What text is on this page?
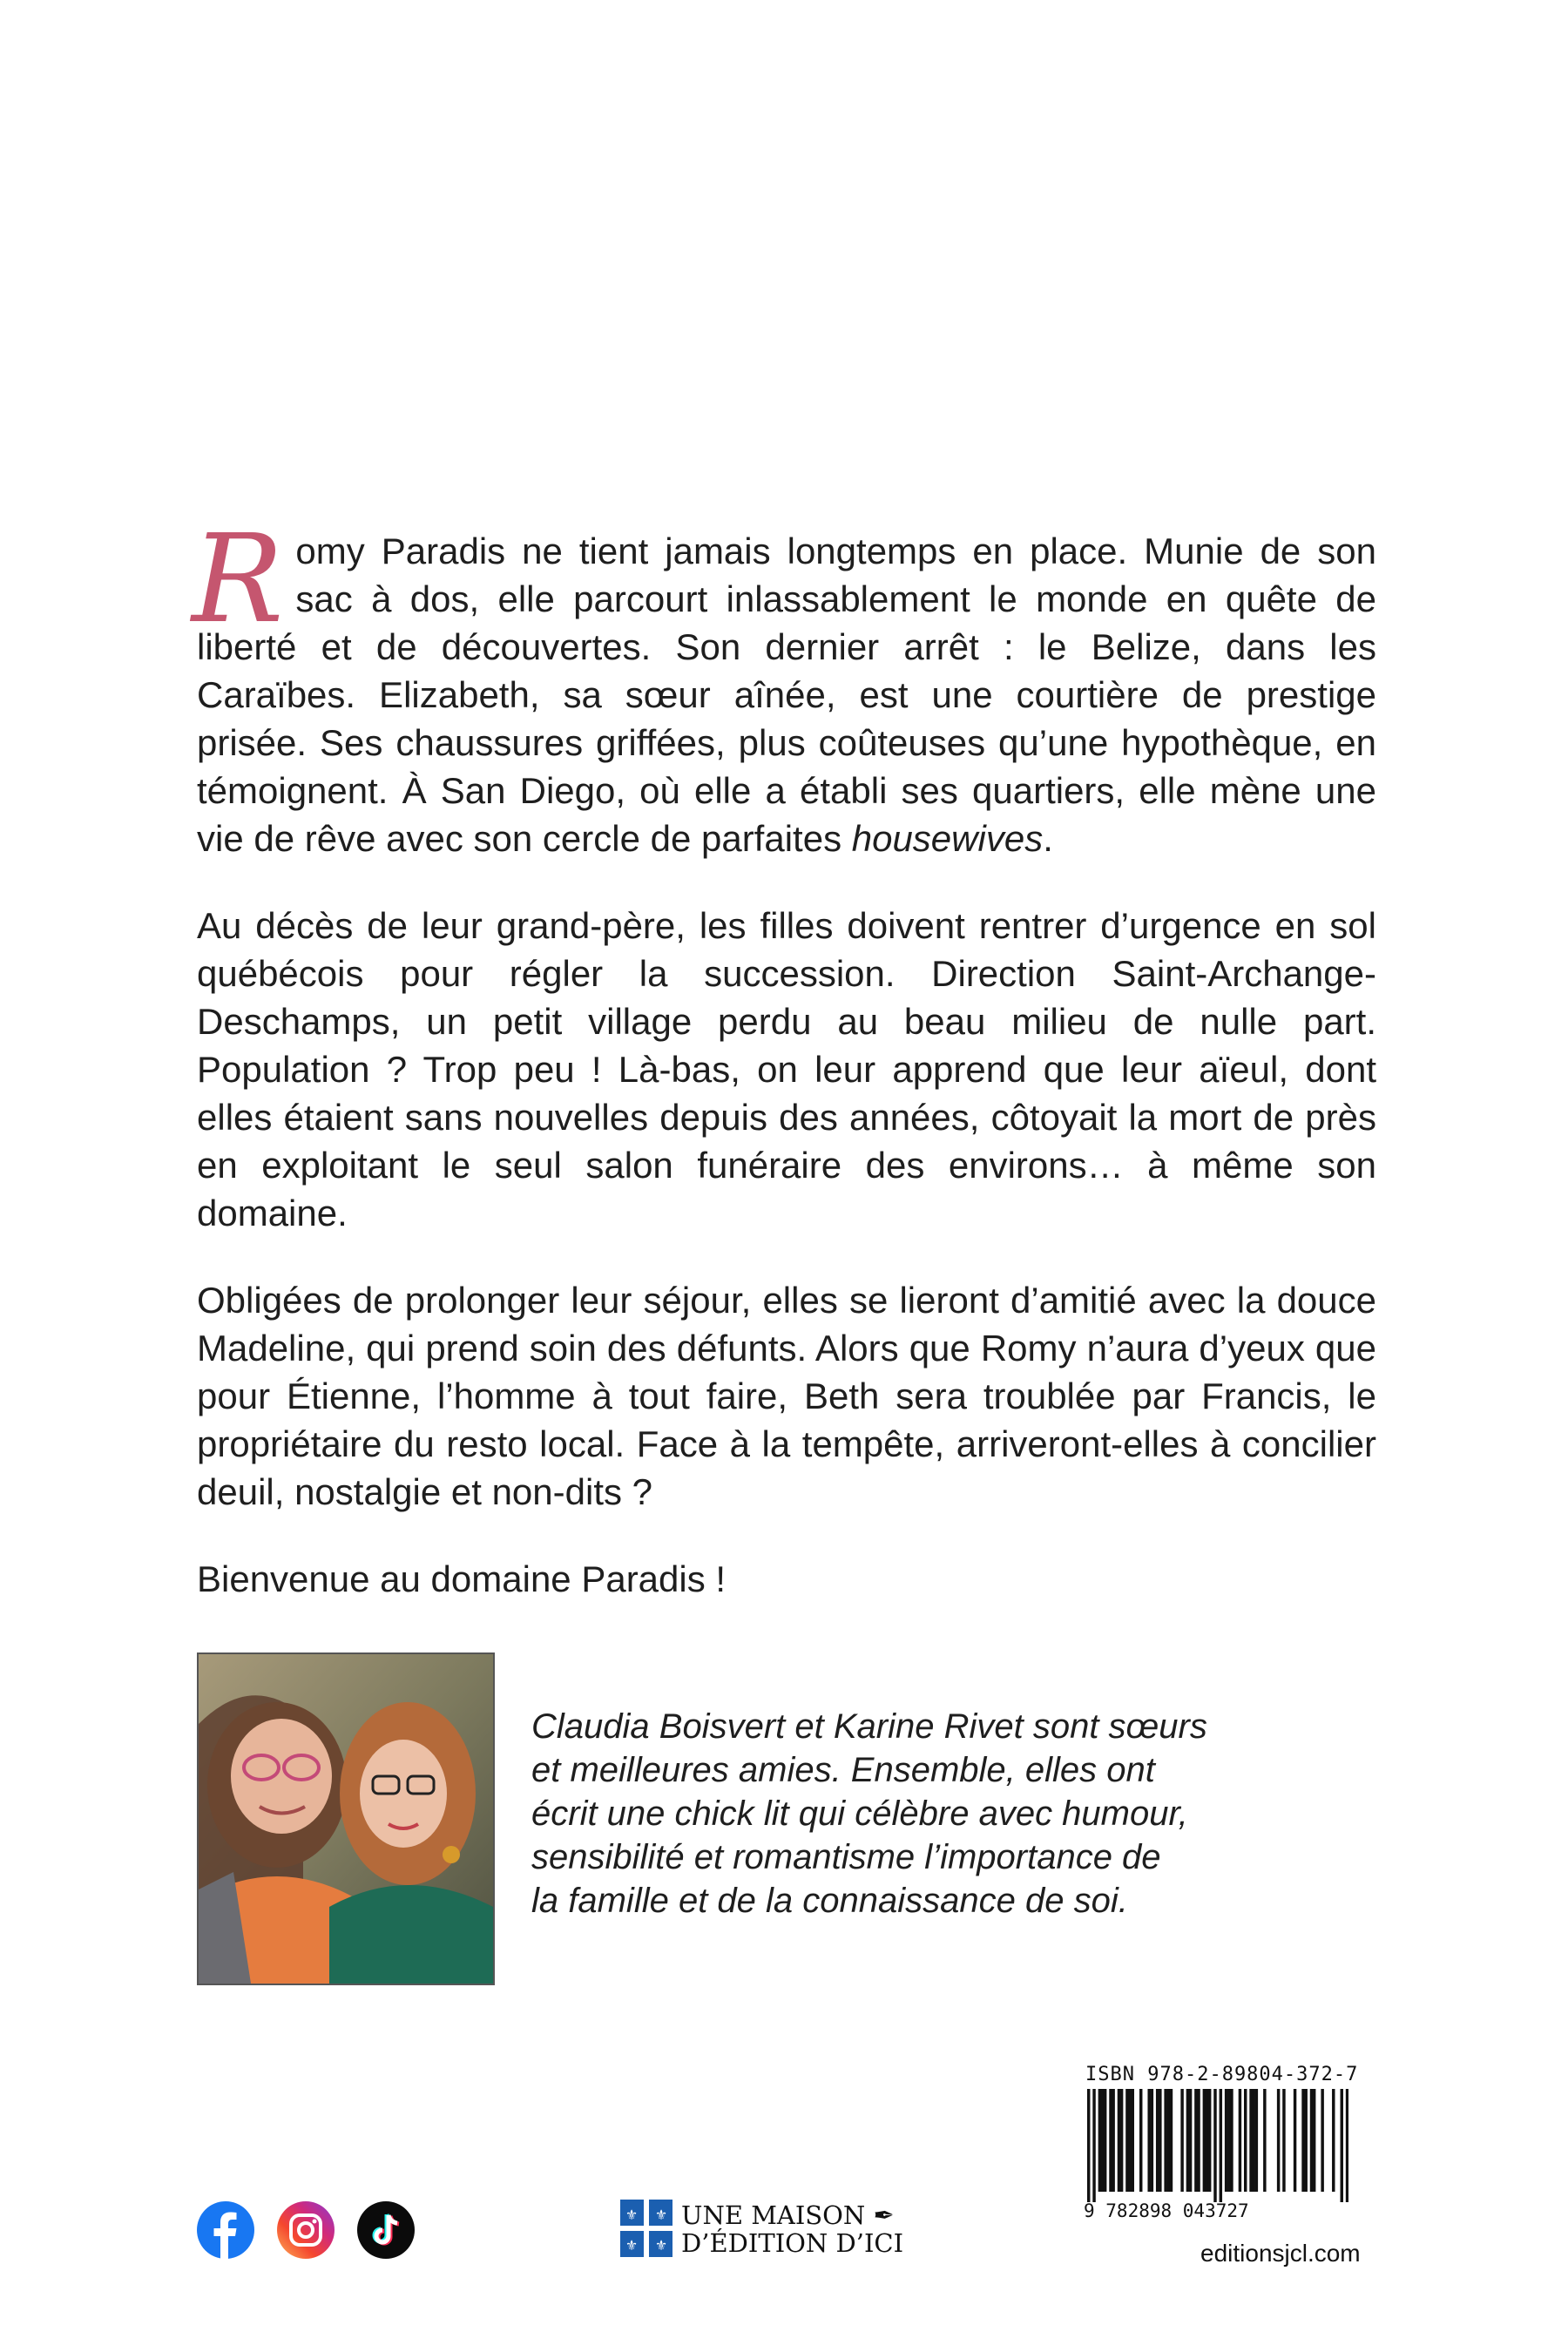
Romy Paradis ne tient jamais longtemps en place. Munie de son sac à dos, elle parcourt inlassablement le monde en quête de liberté et de découvertes. Son dernier arrêt : le Belize, dans les Caraïbes. Elizabeth, sa sœur aînée, est une courtière de prestige prisée. Ses chaussures griffées, plus coûteuses qu’une hypothèque, en témoignent. À San Diego, où elle a établi ses quartiers, elle mène une vie de rêve avec son cercle de parfaites housewives.

Au décès de leur grand-père, les filles doivent rentrer d’urgence en sol québécois pour régler la succession. Direction Saint-Archange-Deschamps, un petit village perdu au beau milieu de nulle part. Population ? Trop peu ! Là-bas, on leur apprend que leur aïeul, dont elles étaient sans nouvelles depuis des années, côtoyait la mort de près en exploitant le seul salon funéraire des environs… à même son domaine.

Obligées de prolonger leur séjour, elles se lieront d’amitié avec la douce Madeline, qui prend soin des défunts. Alors que Romy n’aura d’yeux que pour Étienne, l’homme à tout faire, Beth sera troublée par Francis, le propriétaire du resto local. Face à la tempête, arriveront-elles à concilier deuil, nostalgie et non-dits ?

Bienvenue au domaine Paradis !

Claudia Boisvert et Karine Rivet sont sœurs
et meilleures amies. Ensemble, elles ont
écrit une chick lit qui célèbre avec humour,
sensibilité et romantisme l’importance de
la famille et de la connaissance de soi.
⚜ ⚜
⚜ ⚜
UNE MAISON ✒
D’ÉDITION D’ICI
ISBN 978-2-89804-372-7
9 782898 043727
editionsjcl.com
